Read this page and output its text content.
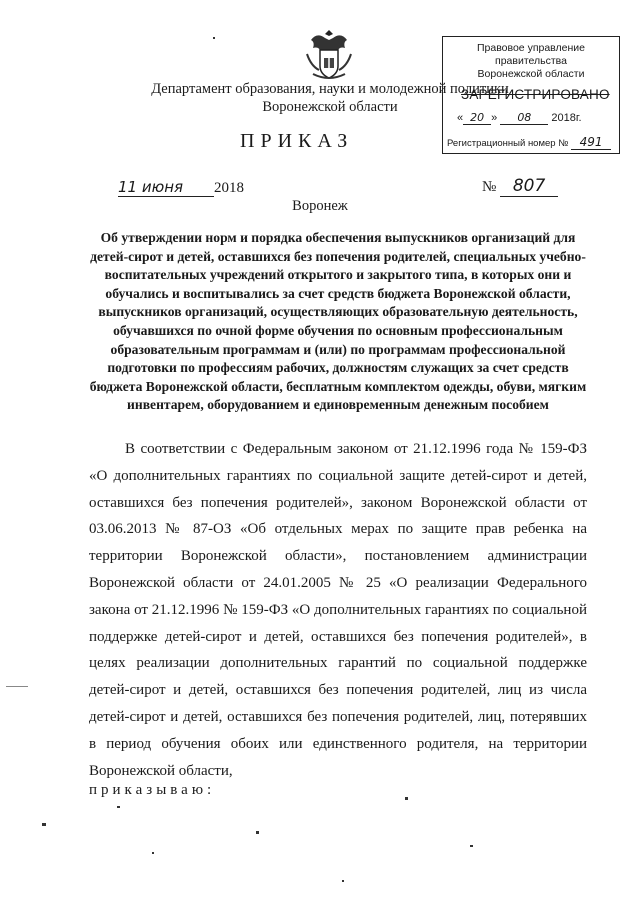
Департамент образования, науки и молодежной политики
Воронежской области
Правовое управление правительства
Воронежской области
ЗАРЕГИСТРИРОВАНО
« 20 » 08 2018г.
Регистрационный номер № 491
ПРИКАЗ
11 июня 2018	№ 807
Воронеж
Об утверждении норм и порядка обеспечения выпускников организаций для детей-сирот и детей, оставшихся без попечения родителей, специальных учебно-воспитательных учреждений открытого и закрытого типа, в которых они и обучались и воспитывались за счет средств бюджета Воронежской области, выпускников организаций, осуществляющих образовательную деятельность, обучавшихся по очной форме обучения по основным профессиональным образовательным программам и (или) по программам профессиональной подготовки по профессиям рабочих, должностям служащих за счет средств бюджета Воронежской области, бесплатным комплектом одежды, обуви, мягким инвентарем, оборудованием и единовременным денежным пособием
В соответствии с Федеральным законом от 21.12.1996 года № 159-ФЗ «О дополнительных гарантиях по социальной защите детей-сирот и детей, оставшихся без попечения родителей», законом Воронежской области от 03.06.2013 № 87-ОЗ «Об отдельных мерах по защите прав ребенка на территории Воронежской области», постановлением администрации Воронежской области от 24.01.2005 № 25 «О реализации Федерального закона от 21.12.1996 № 159-ФЗ «О дополнительных гарантиях по социальной поддержке детей-сирот и детей, оставшихся без попечения родителей», в целях реализации дополнительных гарантий по социальной поддержке детей-сирот и детей, оставшихся без попечения родителей, лиц из числа детей-сирот и детей, оставшихся без попечения родителей, лиц, потерявших в период обучения обоих или единственного родителя, на территории Воронежской области,
приказываю:
